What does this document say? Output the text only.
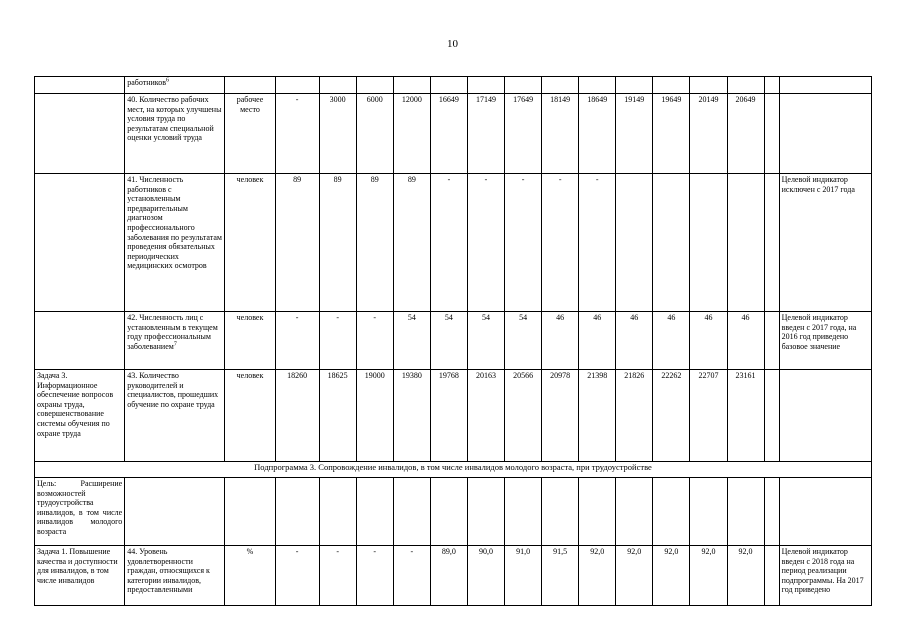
10
	работников$^6$																
	40. Количество рабочих мест, на которых улучшены условия труда по результатам специальной оценки условий труда	рабочее место	-	3000	6000	12000	16649	17149	17649	18149	18649	19149	19649	20149	20649		
	41. Численность работников с установленным предварительным диагнозом профессионального заболевания по результатам проведения обязательных периодических медицинских осмотров	человек	89	89	89	89	-	-	-	-	-						Целевой индикатор исключен с 2017 года
	42. Численность лиц с установленным в текущем году профессиональным заболеванием$^7$	человек	-	-	-	54	54	54	54	46	46	46	46	46	46		Целевой индикатор введен с 2017 года, на 2016 год приведено базовое значение
Задача 3. Информационное обеспечение вопросов охраны труда, совершенствование системы обучения по охране труда	43. Количество руководителей и специалистов, прошедших обучение по охране труда	человек	18260	18625	19000	19380	19768	20163	20566	20978	21398	21826	22262	22707	23161		
Подпрограмма 3. Сопровождение инвалидов, в том числе инвалидов молодого возраста, при трудоустройстве																	
Цель: Расширение возможностей трудоустройства инвалидов, в том числе инвалидов молодого возраста																	
Задача 1. Повышение качества и доступности для инвалидов, в том числе инвалидов	44. Уровень удовлетворенности граждан, относящихся к категории инвалидов, предоставленными	%	-	-	-	-	89,0	90,0	91,0	91,5	92,0	92,0	92,0	92,0	92,0		Целевой индикатор введен с 2018 года на период реализации подпрограммы. На 2017 год приведено
